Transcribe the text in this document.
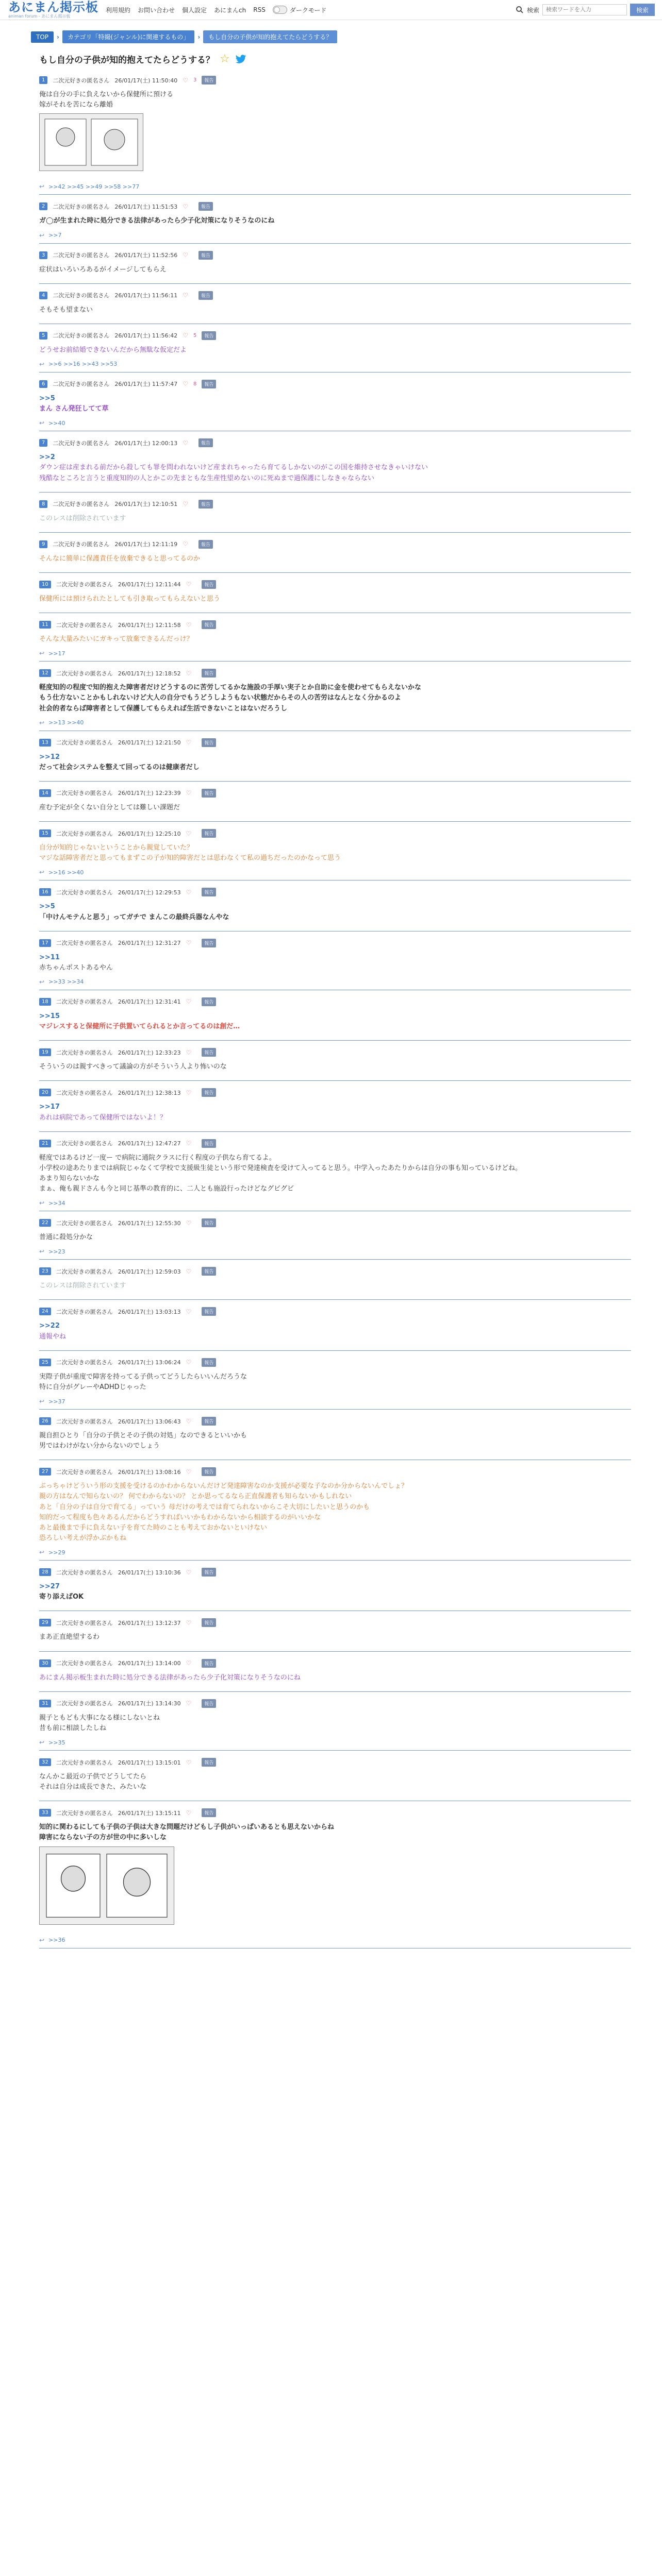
あにまん掲示板
animan forum - あにまん掲示板
利用規約 お問い合わせ 個人設定 あにまんch RSS	ダークモード	検索
検索ワードを入力	検索
TOP	›	カテゴリ「特撮(ジャンル)に関連するもの」	›	もし自分の子供が知的抱えてたらどうする？
もし自分の子供が知的抱えてたらどうする？ ☆
1	二次元好きの匿名さん 26/01/17(土) 11:50:40 ♡ 3	報告
俺は自分の手に負えないから保健所に預ける
嫁がそれを苦になら離婚
↩ >>42 >>45 >>49 >>58 >>77
2	二次元好きの匿名さん 26/01/17(土) 11:51:53 ♡	報告
ガ◯が生まれた時に処分できる法律があったら少子化対策になりそうなのにね
↩ >>7
3	二次元好きの匿名さん 26/01/17(土) 11:52:56 ♡	報告
症状はいろいろあるがイメージしてもらえ
4	二次元好きの匿名さん 26/01/17(土) 11:56:11 ♡	報告
そもそも望まない
5	二次元好きの匿名さん 26/01/17(土) 11:56:42 ♡ 5	報告
どうせお前結婚できないんだから無駄な仮定だよ
↩ >>6 >>16 >>43 >>53
6	二次元好きの匿名さん 26/01/17(土) 11:57:47 ♡ 8	報告
>>5
まん さん発狂してて草
↩ >>40
7	二次元好きの匿名さん 26/01/17(土) 12:00:13 ♡	報告
>>2
ダウン症は産まれる前だから殺しても罪を問われないけど産まれちゃったら育てるしかないのがこの国を維持させなきゃいけない
残酷なところと言うと重度知的の人とかこの先まともな生産性望めないのに死ぬまで過保護にしなきゃならない
8	二次元好きの匿名さん 26/01/17(土) 12:10:51 ♡	報告
このレスは削除されています
9	二次元好きの匿名さん 26/01/17(土) 12:11:19 ♡	報告
そんなに簡単に保護責任を放棄できると思ってるのか
10	二次元好きの匿名さん 26/01/17(土) 12:11:44 ♡	報告
保健所には預けられたとしても引き取ってもらえないと思う
11	二次元好きの匿名さん 26/01/17(土) 12:11:58 ♡	報告
そんな大量みたいにガキって放棄できるんだっけ？
↩ >>17
12	二次元好きの匿名さん 26/01/17(土) 12:18:52 ♡	報告
軽度知的の程度で知的抱えた障害者だけどうするのに苦労してるかな施設の手厚い実子とか自助に金を使わせてもらえないかな
もう仕方ないことかもしれないけど大人の自分でもうどうしようもない状態だからその人の苦労はなんとなく分かるのよ
社会的者ならば障害者として保護してもらえれば生活できないことはないだろうし
↩ >>13 >>40
13	二次元好きの匿名さん 26/01/17(土) 12:21:50 ♡	報告
>>12
だって社会システムを整えて回ってるのは健康者だし
14	二次元好きの匿名さん 26/01/17(土) 12:23:39 ♡	報告
産む予定が全くない自分としては難しい課題だ
15	二次元好きの匿名さん 26/01/17(土) 12:25:10 ♡	報告
自分が知的じゃないということから親覚していた？
マジな話障害者だと思ってもまずこの子が知的障害だとは思わなくて私の過ちだったのかなって思う
↩ >>16 >>40
16	二次元好きの匿名さん 26/01/17(土) 12:29:53 ♡	報告
>>5
「中けんモテんと思う」ってガチで まんこの最終兵器なんやな
17	二次元好きの匿名さん 26/01/17(土) 12:31:27 ♡	報告
>>11
赤ちゃんポストあるやん
↩ >>33 >>34
18	二次元好きの匿名さん 26/01/17(土) 12:31:41 ♡	報告
>>15
マジレスすると保健所に子供置いてられるとか言ってるのは創だ…
19	二次元好きの匿名さん 26/01/17(土) 12:33:23 ♡	報告
そういうのは親すべきって議論の方がそういう人より怖いのな
20	二次元好きの匿名さん 26/01/17(土) 12:38:13 ♡	報告
>>17
あれは病院であって保健所ではないよ！？
21	二次元好きの匿名さん 26/01/17(土) 12:47:27 ♡	報告
軽度ではあるけど一度ー で病院に通院クラスに行く程度の子供なら育てるよ。
小学校の途あたりまでは病院じゃなくて学校で支援級生徒という形で発達検査を受けて入ってると思う。中学入ったあたりからは自分の事も知っているけどね。
あまり知らないかな
まぁ、俺も親ドさんも今と同じ基準の教育的に、二人とも施設行ったけどなグビグビ
↩ >>34
22	二次元好きの匿名さん 26/01/17(土) 12:55:30 ♡	報告
普通に殺処分かな
↩ >>23
23	二次元好きの匿名さん 26/01/17(土) 12:59:03 ♡	報告
このレスは削除されています
24	二次元好きの匿名さん 26/01/17(土) 13:03:13 ♡	報告
>>22
通報やね
25	二次元好きの匿名さん 26/01/17(土) 13:06:24 ♡	報告
実際子供が重度で障害を持ってる子供ってどうしたらいいんだろうな
特に自分がグレーやADHDじゃった
↩ >>37
26	二次元好きの匿名さん 26/01/17(土) 13:06:43 ♡	報告
親自担ひとり「自分の子供とその子供の対処」なのできるといいかも
男ではわけがない分からないのでしょう
27	二次元好きの匿名さん 26/01/17(土) 13:08:16 ♡	報告
ぶっちゃけどういう形の支援を受けるのかわからないんだけど発達障害なのか支援が必要な子なのか分からないんでしょ？
親の方はなんで知らないの？ 何でわからないの？ とか思ってるなら正直保護者も知らないかもしれない
あと「自分の子は自分で育てる」っていう 母だけの考えでは育てられないからこそ大切にしたいと思うのかも
知的だって程度も色々あるんだからどうすればいいかもわからないから相談するのがいいかな
あと最後まで手に負えない子を育てた時のことも考えておかないといけない
恐ろしい考えが浮かぶかもね
↩ >>29
28	二次元好きの匿名さん 26/01/17(土) 13:10:36 ♡	報告
>>27
寄り添えばOK
29	二次元好きの匿名さん 26/01/17(土) 13:12:37 ♡	報告
まあ正直絶望するわ
30	二次元好きの匿名さん 26/01/17(土) 13:14:00 ♡	報告
あにまん掲示板生まれた時に処分できる法律があったら少子化対策になりそうなのにね
31	二次元好きの匿名さん 26/01/17(土) 13:14:30 ♡	報告
親子ともども大事になる様にしないとね
昔も前に相談したしね
↩ >>35
32	二次元好きの匿名さん 26/01/17(土) 13:15:01 ♡	報告
なんかこ最近の子供でどうしてたら
それは自分は成長できた、みたいな
33	二次元好きの匿名さん 26/01/17(土) 13:15:11 ♡	報告
知的に関わるにしても子供の子供は大きな問題だけどもし子供がいっぱいあるとも思えないからね
障害にならない子の方が世の中に多いしな
↩ >>36
